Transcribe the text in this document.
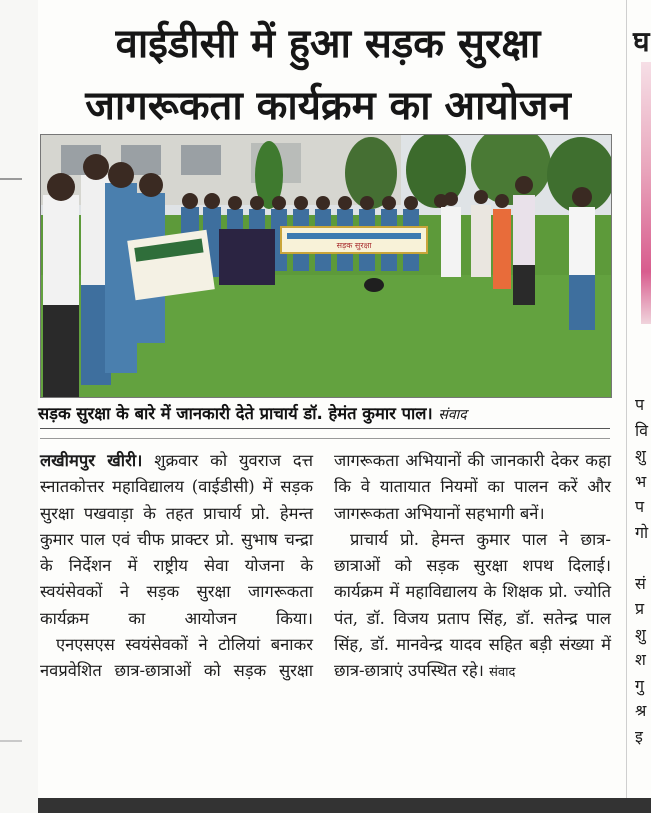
वाईडीसी में हुआ सड़क सुरक्षा
जागरूकता कार्यक्रम का आयोजन
सड़क सुरक्षा
सड़क सुरक्षा के बारे में जानकारी देते प्राचार्य डॉ. हेमंत कुमार पाल। संवाद

लखीमपुर खीरी। शुक्रवार को युवराज दत्त स्नातकोत्तर महाविद्यालय (वाईडीसी) में सड़क सुरक्षा पखवाड़ा के तहत प्राचार्य प्रो. हेमन्त कुमार पाल एवं चीफ प्राक्टर प्रो. सुभाष चन्द्रा के निर्देशन में राष्ट्रीय सेवा योजना के स्वयंसेवकों ने सड़क सुरक्षा जागरूकता कार्यक्रम का आयोजन किया।

एनएसएस स्वयंसेवकों ने टोलियां बनाकर नवप्रवेशित छात्र-छात्राओं को सड़क सुरक्षा

जागरूकता अभियानों की जानकारी देकर कहा कि वे यातायात नियमों का पालन करें और जागरूकता अभियानों सहभागी बनें।

प्राचार्य प्रो. हेमन्त कुमार पाल ने छात्र-छात्राओं को सड़क सुरक्षा शपथ दिलाई। कार्यक्रम में महाविद्यालय के शिक्षक प्रो. ज्योति पंत, डॉ. विजय प्रताप सिंह, डॉ. सतेन्द्र पाल सिंह, डॉ. मानवेन्द्र यादव सहित बड़ी संख्या में छात्र-छात्राएं उपस्थित रहे। संवाद

घ
प
वि
शु
भ
प
गो
सं
प्र
शु
श
गु
श्र
इ
